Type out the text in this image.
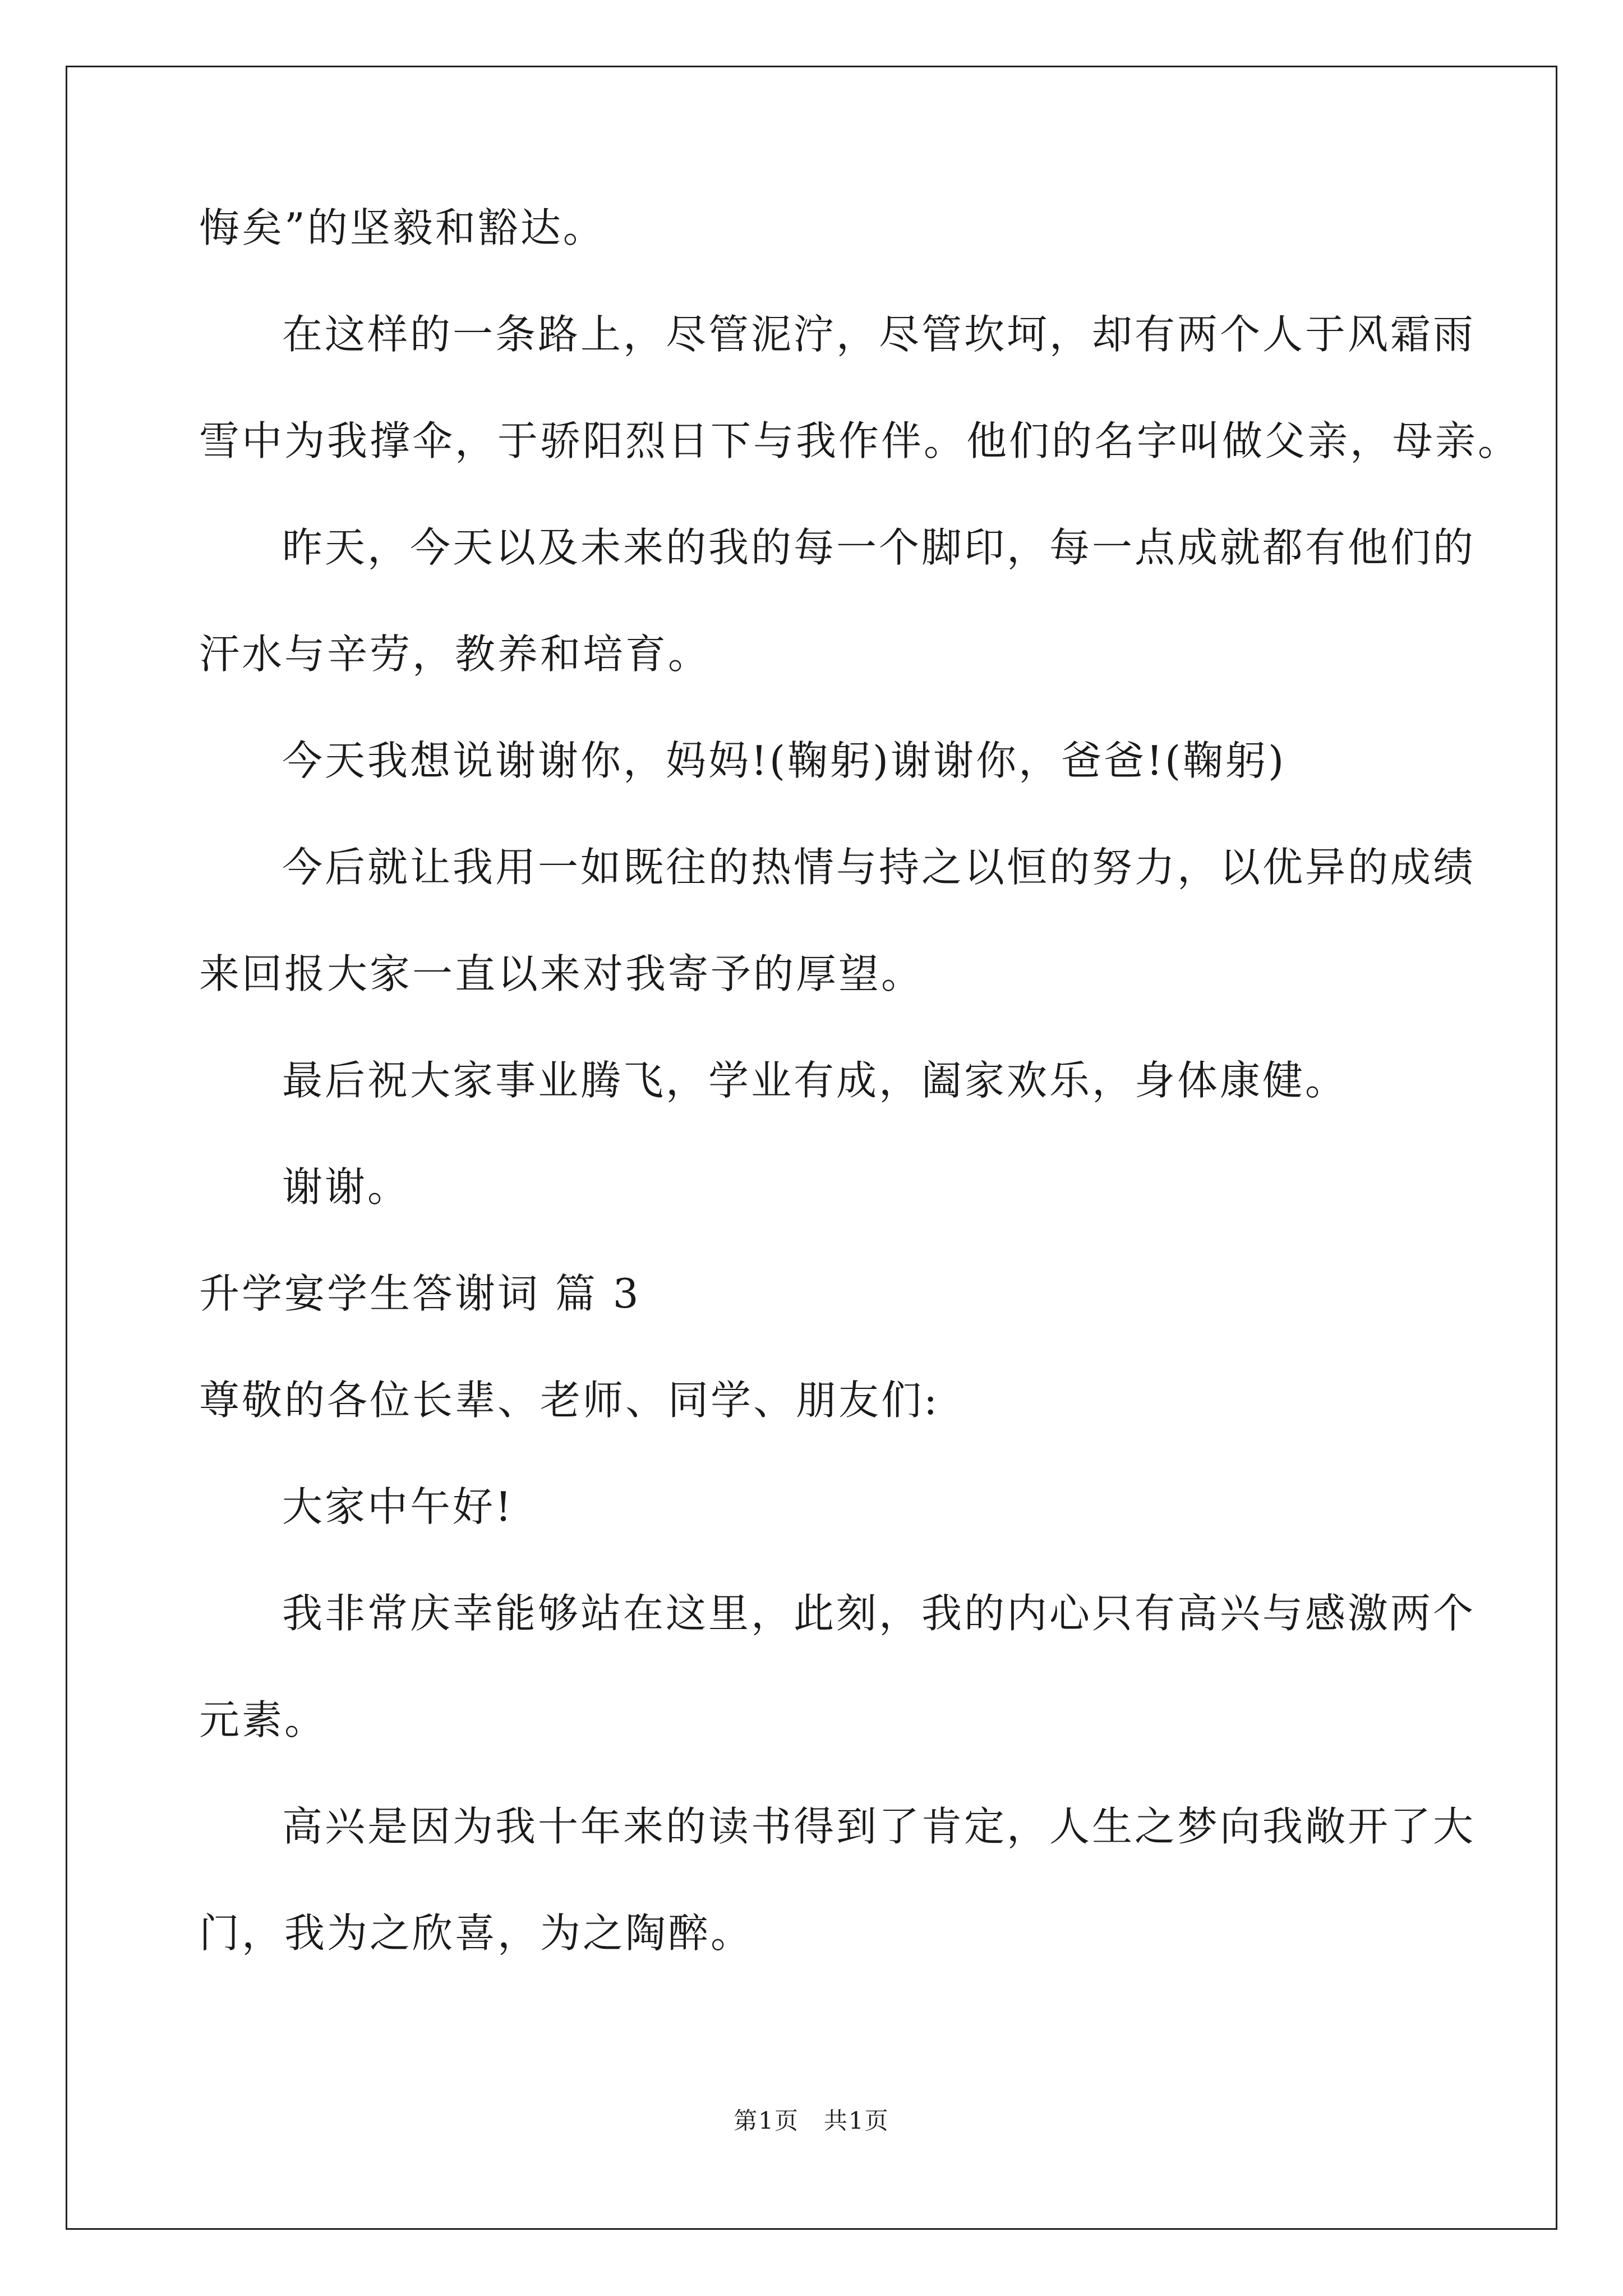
悔矣”的坚毅和豁达。
在这样的一条路上，尽管泥泞，尽管坎坷，却有两个人于风霜雨
雪中为我撑伞，于骄阳烈日下与我作伴。他们的名字叫做父亲，母亲。
昨天，今天以及未来的我的每一个脚印，每一点成就都有他们的
汗水与辛劳，教养和培育。
今天我想说谢谢你，妈妈!(鞠躬)谢谢你，爸爸!(鞠躬)
今后就让我用一如既往的热情与持之以恒的努力，以优异的成绩
来回报大家一直以来对我寄予的厚望。
最后祝大家事业腾飞，学业有成，阖家欢乐，身体康健。
谢谢。
升学宴学生答谢词 篇 3
尊敬的各位长辈、老师、同学、朋友们:
大家中午好!
我非常庆幸能够站在这里，此刻，我的内心只有高兴与感激两个
元素。
高兴是因为我十年来的读书得到了肯定，人生之梦向我敞开了大
门，我为之欣喜，为之陶醉。
第1页　共1页
